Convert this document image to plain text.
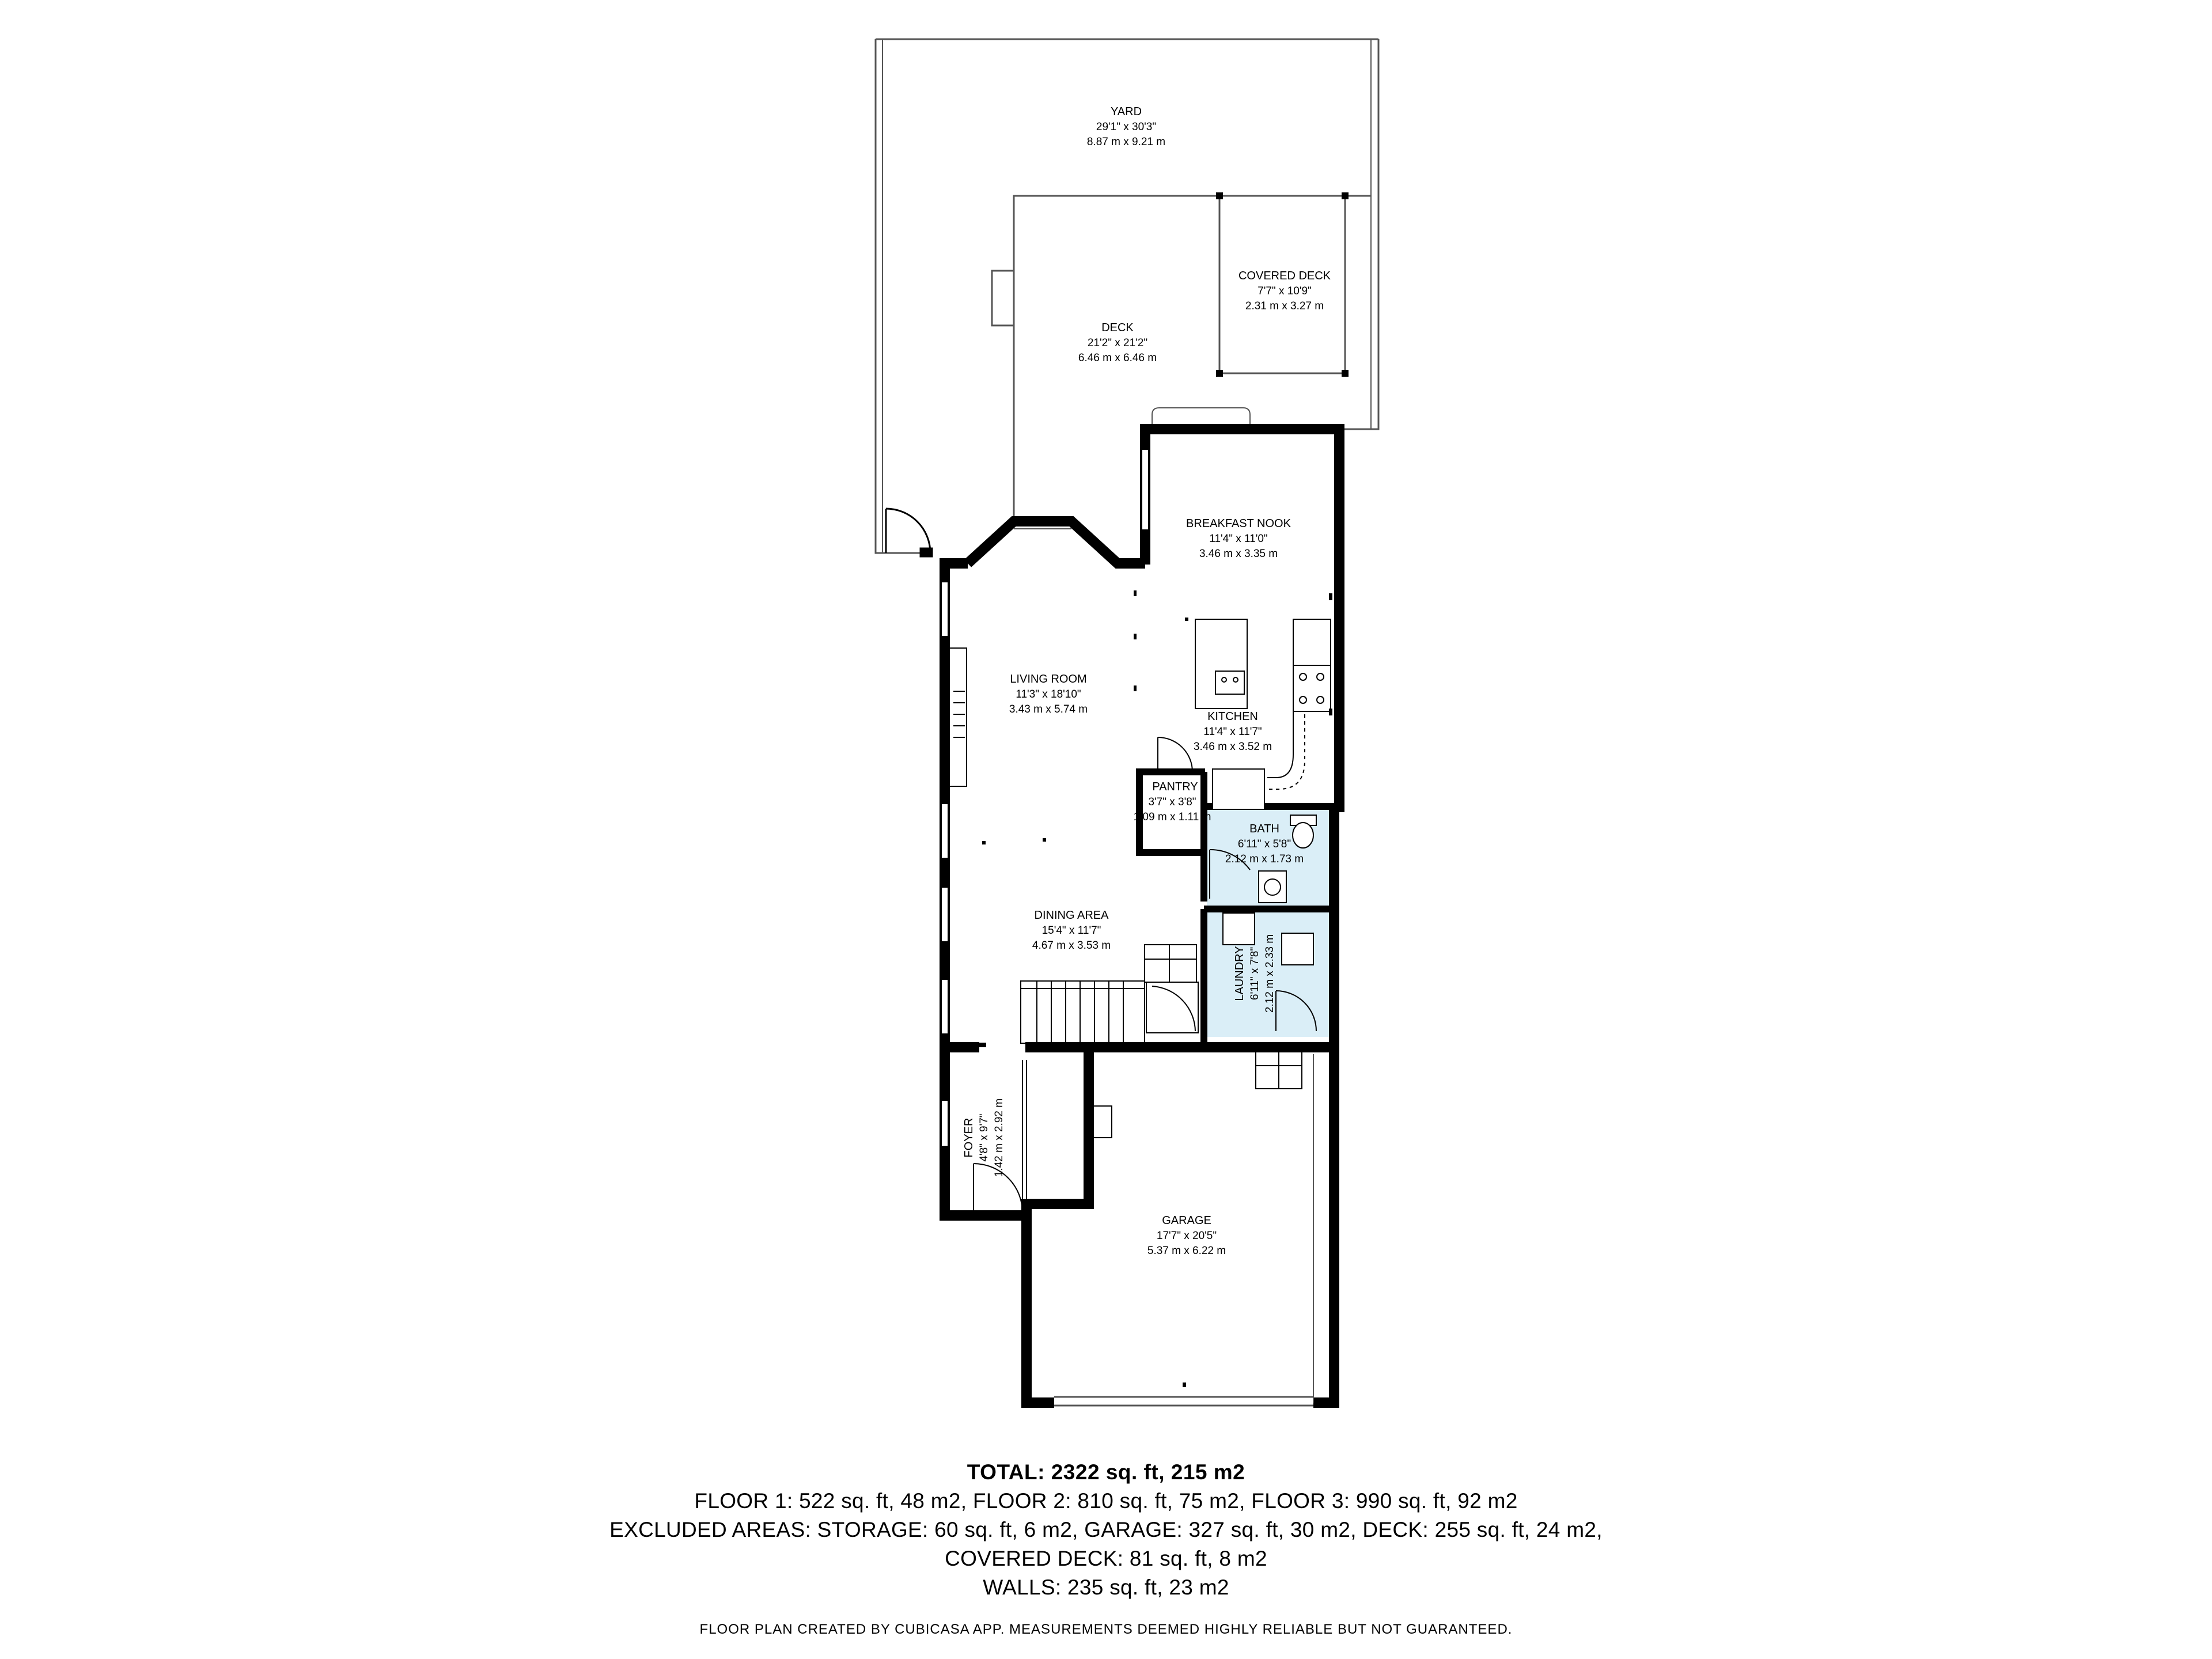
YARD
29'1" x 30'3"
8.87 m x 9.21 m
COVERED DECK
7'7" x 10'9"
2.31 m x 3.27 m
DECK
21'2" x 21'2"
6.46 m x 6.46 m
BREAKFAST NOOK
11'4" x 11'0"
3.46 m x 3.35 m
LIVING ROOM
11'3" x 18'10"
3.43 m x 5.74 m
KITCHEN
11'4" x 11'7"
3.46 m x 3.52 m
PANTRY
3'7" x 3'8"
1.09 m x 1.11 m
BATH
6'11" x 5'8"
2.12 m x 1.73 m
DINING AREA
15'4" x 11'7"
4.67 m x 3.53 m
LAUNDRY 6'11" x 7'8" 2.12 m x 2.33 m
FOYER 4'8" x 9'7" 1.42 m x 2.92 m
GARAGE
17'7" x 20'5"
5.37 m x 6.22 m
TOTAL: 2322 sq. ft, 215 m2
FLOOR 1: 522 sq. ft, 48 m2, FLOOR 2: 810 sq. ft, 75 m2, FLOOR 3: 990 sq. ft, 92 m2
EXCLUDED AREAS: STORAGE: 60 sq. ft, 6 m2, GARAGE: 327 sq. ft, 30 m2, DECK: 255 sq. ft, 24 m2,
COVERED DECK: 81 sq. ft, 8 m2
WALLS: 235 sq. ft, 23 m2
FLOOR PLAN CREATED BY CUBICASA APP. MEASUREMENTS DEEMED HIGHLY RELIABLE BUT NOT GUARANTEED.
